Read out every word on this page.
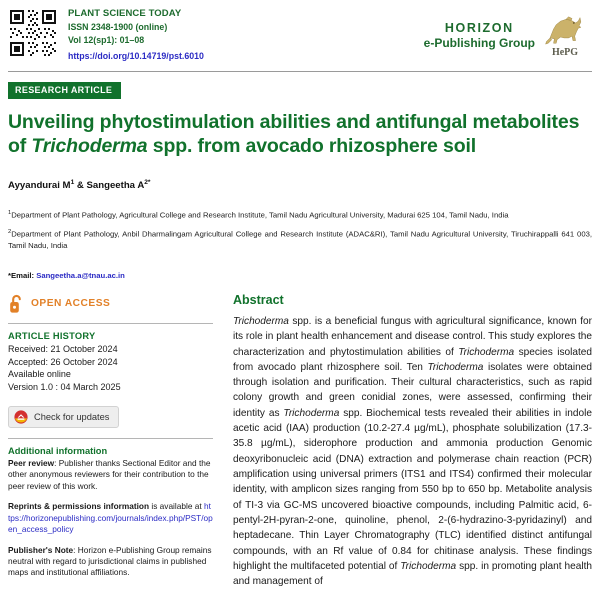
PLANT SCIENCE TODAY
ISSN 2348-1900 (online)
Vol 12(sp1): 01–08
https://doi.org/10.14719/pst.6010
HORIZON
e-Publishing Group
HePG
RESEARCH ARTICLE
Unveiling phytostimulation abilities and antifungal metabolites of Trichoderma spp. from avocado rhizosphere soil
Ayyandurai $M^1$ & Sangeetha $A^{2*}$
$^1$Department of Plant Pathology, Agricultural College and Research Institute, Tamil Nadu Agricultural University, Madurai 625 104, Tamil Nadu, India
$^2$Department of Plant Pathology, Anbil Dharmalingam Agricultural College and Research Institute (ADAC&RI), Tamil Nadu Agricultural University, Tiruchirappalli 641 003, Tamil Nadu, India
*Email: Sangeetha.a@tnau.ac.in
OPEN ACCESS
ARTICLE HISTORY
Received: 21 October 2024
Accepted: 26 October 2024
Available online
Version 1.0 : 04 March 2025
Check for updates
Additional information
Peer review: Publisher thanks Sectional Editor and the other anonymous reviewers for their contribution to the peer review of this work.
Reprints & permissions information is available at https://horizonepublishing.com/journals/index.php/PST/open_access_policy
Publisher's Note: Horizon e-Publishing Group remains neutral with regard to jurisdictional claims in published maps and institutional affiliations.
Abstract
Trichoderma spp. is a beneficial fungus with agricultural significance, known for its role in plant health enhancement and disease control. This study explores the characterization and phytostimulation abilities of Trichoderma species isolated from avocado plant rhizosphere soil. Ten Trichoderma isolates were obtained through isolation and purification. Their cultural characteristics, such as rapid colony growth and green conidial zones, were assessed, confirming their identity as Trichoderma spp. Biochemical tests revealed their abilities in indole acetic acid (IAA) production (10.2-27.4 µg/mL), phosphate solubilization (17.3-35.8 µg/mL), siderophore production and ammonia production Genomic deoxyribonucleic acid (DNA) extraction and polymerase chain reaction (PCR) amplification using universal primers (ITS1 and ITS4) confirmed their molecular identity, with amplicon sizes ranging from 550 bp to 650 bp. Metabolite analysis of TI-3 via GC-MS uncovered bioactive compounds, including Palmitic acid, 6-pentyl-2H-pyran-2-one, quinoline, phenol, 2-(6-hydrazino-3-pyridazinyl) and heptadecane. Thin Layer Chromatography (TLC) identified distinct antifungal compounds, with an Rf value of 0.84 for chitinase analysis. These findings highlight the multifaceted potential of Trichoderma spp. in promoting plant health and management of
